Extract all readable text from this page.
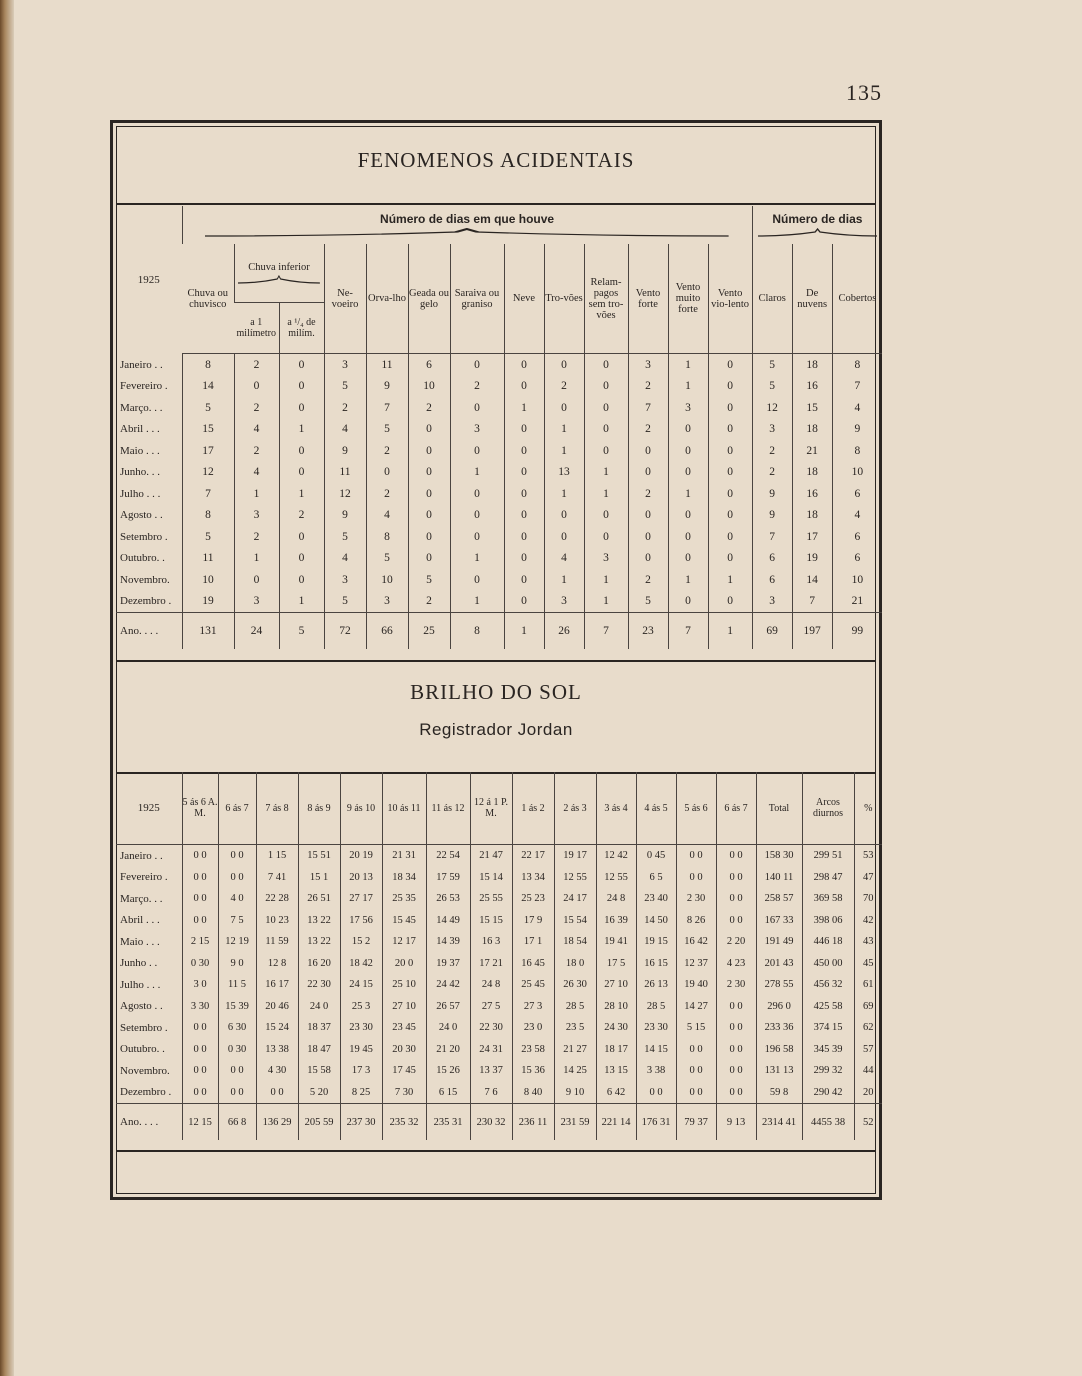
135
FENOMENOS ACIDENTAIS
1925	Número de dias em que houve													Número de dias		

	Chuva ou chuvisco	Chuva inferior		Ne-voeiro	Orva-lho	Geada ou gelo	Saraiva ou graniso	Neve	Tro-vões	Relam-pagos sem tro-vões	Vento forte	Vento muito forte	Vento vio-lento	Claros	De nuvens	Cobertos
		a 1 milímetro	a ¹/₄ de milím.													
Janeiro . .	8	2	0	3	11	6	0	0	0	0	3	1	0	5	18	8
Fevereiro .	14	0	0	5	9	10	2	0	2	0	2	1	0	5	16	7
Março. . .	5	2	0	2	7	2	0	1	0	0	7	3	0	12	15	4
Abril . . .	15	4	1	4	5	0	3	0	1	0	2	0	0	3	18	9
Maio . . .	17	2	0	9	2	0	0	0	1	0	0	0	0	2	21	8
Junho. . .	12	4	0	11	0	0	1	0	13	1	0	0	0	2	18	10
Julho . . .	7	1	1	12	2	0	0	0	1	1	2	1	0	9	16	6
Agosto . .	8	3	2	9	4	0	0	0	0	0	0	0	0	9	18	4
Setembro .	5	2	0	5	8	0	0	0	0	0	0	0	0	7	17	6
Outubro. .	11	1	0	4	5	0	1	0	4	3	0	0	0	6	19	6
Novembro.	10	0	0	3	10	5	0	0	1	1	2	1	1	6	14	10
Dezembro .	19	3	1	5	3	2	1	0	3	1	5	0	0	3	7	21
Ano. . . .	131	24	5	72	66	25	8	1	26	7	23	7	1	69	197	99
BRILHO DO SOL
Registrador Jordan
1925	5 ás 6 A. M.	6 ás 7	7 ás 8	8 ás 9	9 ás 10	10 ás 11	11 ás 12	12 á 1 P. M.	1 ás 2	2 ás 3	3 ás 4	4 ás 5	5 ás 6	6 ás 7	Total	Arcos diurnos	%
Janeiro . .	0 0	0 0	1 15	15 51	20 19	21 31	22 54	21 47	22 17	19 17	12 42	0 45	0 0	0 0	158 30	299 51	53
Fevereiro .	0 0	0 0	7 41	15 1	20 13	18 34	17 59	15 14	13 34	12 55	12 55	6 5	0 0	0 0	140 11	298 47	47
Março. . .	0 0	4 0	22 28	26 51	27 17	25 35	26 53	25 55	25 23	24 17	24 8	23 40	2 30	0 0	258 57	369 58	70
Abril . . .	0 0	7 5	10 23	13 22	17 56	15 45	14 49	15 15	17 9	15 54	16 39	14 50	8 26	0 0	167 33	398 06	42
Maio . . .	2 15	12 19	11 59	13 22	15 2	12 17	14 39	16 3	17 1	18 54	19 41	19 15	16 42	2 20	191 49	446 18	43
Junho . .	0 30	9 0	12 8	16 20	18 42	20 0	19 37	17 21	16 45	18 0	17 5	16 15	12 37	4 23	201 43	450 00	45
Julho . . .	3 0	11 5	16 17	22 30	24 15	25 10	24 42	24 8	25 45	26 30	27 10	26 13	19 40	2 30	278 55	456 32	61
Agosto . .	3 30	15 39	20 46	24 0	25 3	27 10	26 57	27 5	27 3	28 5	28 10	28 5	14 27	0 0	296 0	425 58	69
Setembro .	0 0	6 30	15 24	18 37	23 30	23 45	24 0	22 30	23 0	23 5	24 30	23 30	5 15	0 0	233 36	374 15	62
Outubro. .	0 0	0 30	13 38	18 47	19 45	20 30	21 20	24 31	23 58	21 27	18 17	14 15	0 0	0 0	196 58	345 39	57
Novembro.	0 0	0 0	4 30	15 58	17 3	17 45	15 26	13 37	15 36	14 25	13 15	3 38	0 0	0 0	131 13	299 32	44
Dezembro .	0 0	0 0	0 0	5 20	8 25	7 30	6 15	7 6	8 40	9 10	6 42	0 0	0 0	0 0	59 8	290 42	20
Ano. . . .	12 15	66 8	136 29	205 59	237 30	235 32	235 31	230 32	236 11	231 59	221 14	176 31	79 37	9 13	2314 41	4455 38	52
